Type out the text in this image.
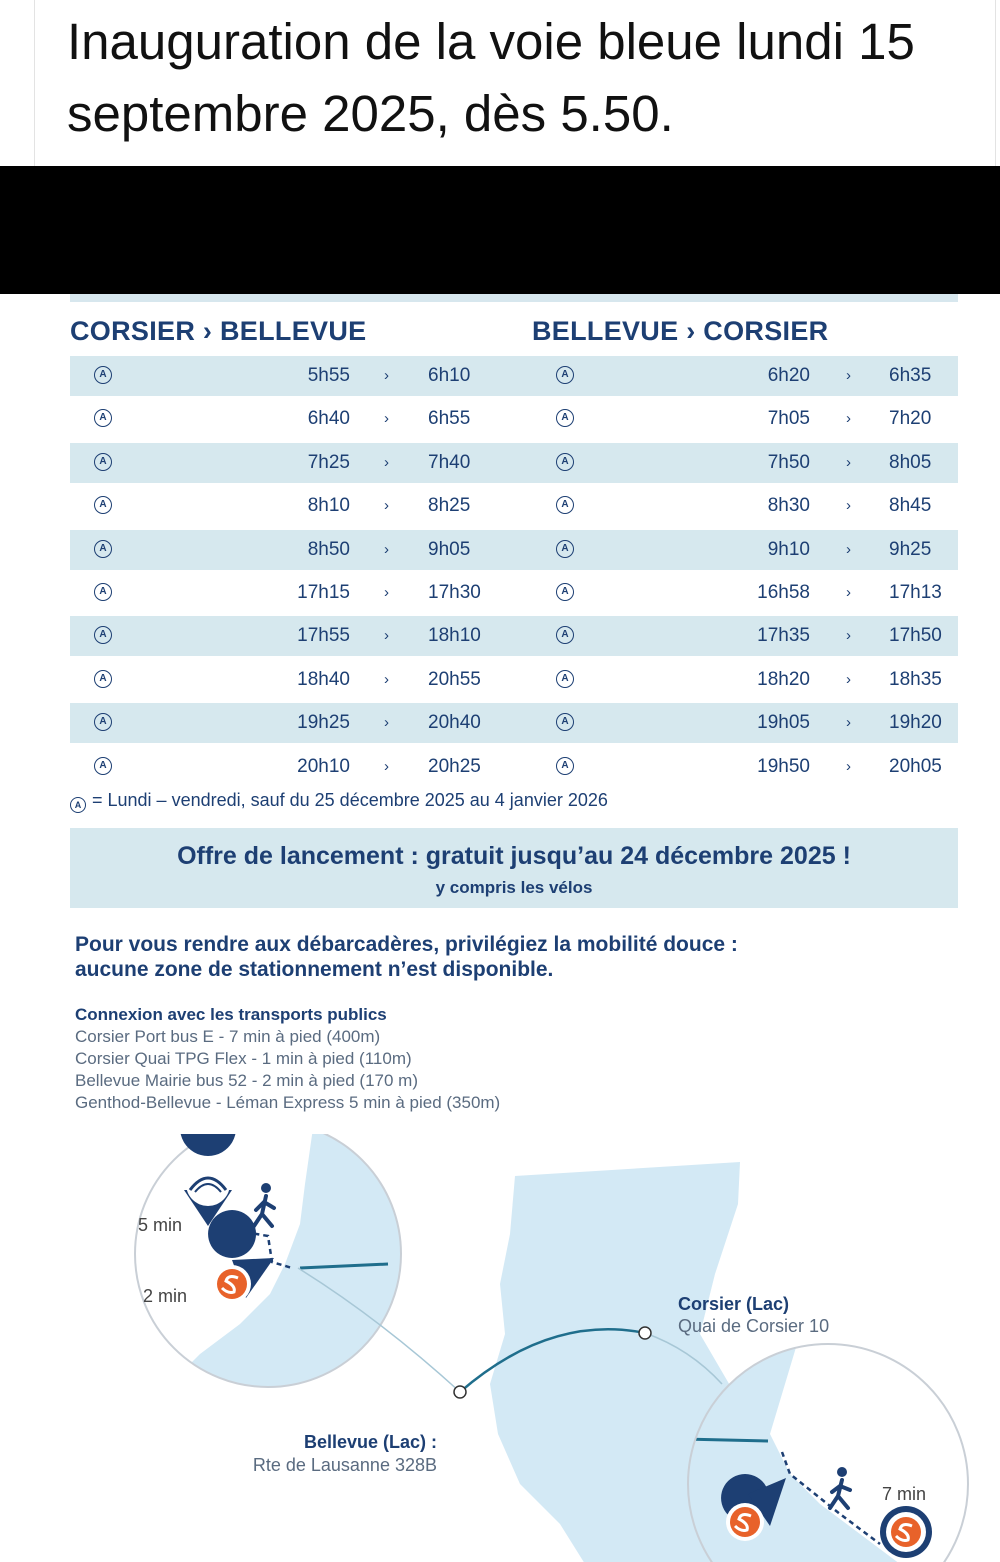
Inauguration de la voie bleue lundi 15 septembre 2025, dès 5.50.

CORSIER › BELLEVUE	BELLEVUE › CORSIER
A	5h55 › 6h10	A	6h20 › 6h35
A	6h40 › 6h55	A	7h05 › 7h20
A	7h25 › 7h40	A	7h50 › 8h05
A	8h10 › 8h25	A	8h30 › 8h45
A	8h50 › 9h05	A	9h10 › 9h25
A	17h15 › 17h30	A	16h58 › 17h13
A	17h55 › 18h10	A	17h35 › 17h50
A	18h40 › 20h55	A	18h20 › 18h35
A	19h25 › 20h40	A	19h05 › 19h20
A	20h10 › 20h25	A	19h50 › 20h05
A = Lundi – vendredi, sauf du 25 décembre 2025 au 4 janvier 2026
Offre de lancement : gratuit jusqu’au 24 décembre 2025 !
y compris les vélos
Pour vous rendre aux débarcadères, privilégiez la mobilité douce :
aucune zone de stationnement n’est disponible.
Connexion avec les transports publics
Corsier Port bus E - 7 min à pied (400m)
Corsier Quai TPG Flex - 1 min à pied (110m)
Bellevue Mairie bus 52 - 2 min à pied (170 m)
Genthod-Bellevue - Léman Express 5 min à pied (350m)
5 min
2 min
7 min
Corsier (Lac)
Quai de Corsier 10
Bellevue (Lac) :
Rte de Lausanne 328B
